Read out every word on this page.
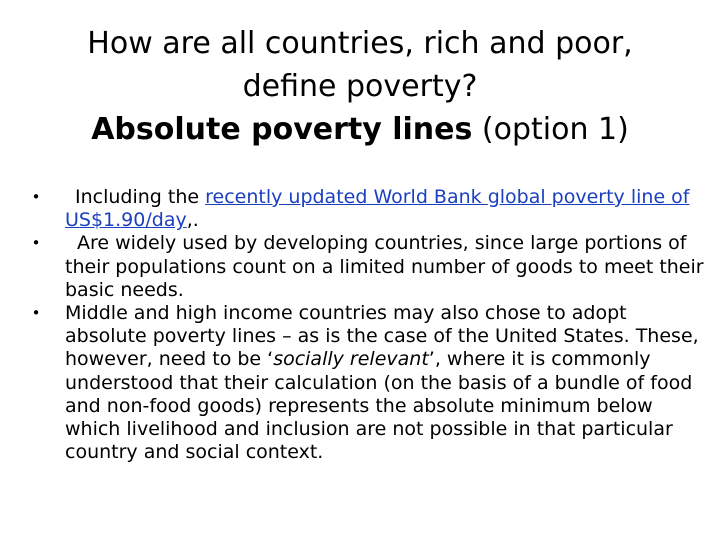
How are all countries, rich and poor,
define poverty?
Absolute poverty lines (option 1)
• Including the recently updated World Bank global poverty line of US$1.90/day,.
• Are widely used by developing countries, since large portions of their populations count on a limited number of goods to meet their basic needs.
• Middle and high income countries may also chose to adopt absolute poverty lines – as is the case of the United States. These, however, need to be ‘socially relevant’, where it is commonly understood that their calculation (on the basis of a bundle of food and non-food goods) represents the absolute minimum below which livelihood and inclusion are not possible in that particular country and social context.
